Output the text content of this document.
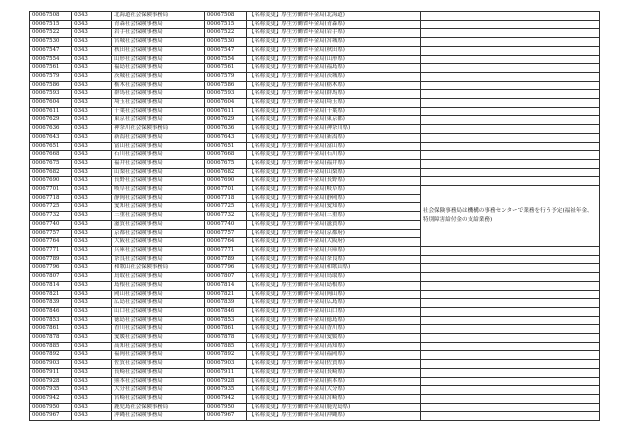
00067508	0343	北海道社会保険事務局	00067508	【名称変更】厚生労働省年金局(北海道)	
00067515	0343	青森社会保険事務局	00067515	【名称変更】厚生労働省年金局(青森県)	
00067522	0343	岩手社会保険事務局	00067522	【名称変更】厚生労働省年金局(岩手県)	
00067530	0343	宮城社会保険事務局	00067530	【名称変更】厚生労働省年金局(宮城県)	
00067547	0343	秋田社会保険事務局	00067547	【名称変更】厚生労働省年金局(秋田県)	
00067554	0343	山形社会保険事務局	00067554	【名称変更】厚生労働省年金局(山形県)	
00067561	0343	福島社会保険事務局	00067561	【名称変更】厚生労働省年金局(福島県)	
00067579	0343	茨城社会保険事務局	00067579	【名称変更】厚生労働省年金局(茨城県)	
00067586	0343	栃木社会保険事務局	00067586	【名称変更】厚生労働省年金局(栃木県)	
00067593	0343	群馬社会保険事務局	00067593	【名称変更】厚生労働省年金局(群馬県)	
00067604	0343	埼玉社会保険事務局	00067604	【名称変更】厚生労働省年金局(埼玉県)	
00067611	0343	千葉社会保険事務局	00067611	【名称変更】厚生労働省年金局(千葉県)	
00067629	0343	東京社会保険事務局	00067629	【名称変更】厚生労働省年金局(東京都)	
00067636	0343	神奈川社会保険事務局	00067636	【名称変更】厚生労働省年金局(神奈川県)	
00067643	0343	新潟社会保険事務局	00067643	【名称変更】厚生労働省年金局(新潟県)	
00067651	0343	富山社会保険事務局	00067651	【名称変更】厚生労働省年金局(富山県)	
00067668	0343	石川社会保険事務局	00067668	【名称変更】厚生労働省年金局(石川県)	
00067675	0343	福井社会保険事務局	00067675	【名称変更】厚生労働省年金局(福井県)	
00067682	0343	山梨社会保険事務局	00067682	【名称変更】厚生労働省年金局(山梨県)	
00067690	0343	長野社会保険事務局	00067690	【名称変更】厚生労働省年金局(長野県)	
00067701	0343	岐阜社会保険事務局	00067701	【名称変更】厚生労働省年金局(岐阜県)	社会保険事務局は機構の事務センターで業務を行う予定(福祉年金、特別障害給付金の支給業務)
00067718	0343	静岡社会保険事務局	00067718	【名称変更】厚生労働省年金局(静岡県)	
00067725	0343	愛知社会保険事務局	00067725	【名称変更】厚生労働省年金局(愛知県)	
00067732	0343	三重社会保険事務局	00067732	【名称変更】厚生労働省年金局(三重県)	
00067740	0343	滋賀社会保険事務局	00067740	【名称変更】厚生労働省年金局(滋賀県)	
00067757	0343	京都社会保険事務局	00067757	【名称変更】厚生労働省年金局(京都府)	
00067764	0343	大阪社会保険事務局	00067764	【名称変更】厚生労働省年金局(大阪府)	
00067771	0343	兵庫社会保険事務局	00067771	【名称変更】厚生労働省年金局(兵庫県)	
00067789	0343	奈良社会保険事務局	00067789	【名称変更】厚生労働省年金局(奈良県)	
00067796	0343	和歌山社会保険事務局	00067796	【名称変更】厚生労働省年金局(和歌山県)	
00067807	0343	鳥取社会保険事務局	00067807	【名称変更】厚生労働省年金局(鳥取県)	
00067814	0343	島根社会保険事務局	00067814	【名称変更】厚生労働省年金局(島根県)	
00067821	0343	岡山社会保険事務局	00067821	【名称変更】厚生労働省年金局(岡山県)	
00067839	0343	広島社会保険事務局	00067839	【名称変更】厚生労働省年金局(広島県)	
00067846	0343	山口社会保険事務局	00067846	【名称変更】厚生労働省年金局(山口県)	
00067853	0343	徳島社会保険事務局	00067853	【名称変更】厚生労働省年金局(徳島県)	
00067861	0343	香川社会保険事務局	00067861	【名称変更】厚生労働省年金局(香川県)	
00067878	0343	愛媛社会保険事務局	00067878	【名称変更】厚生労働省年金局(愛媛県)	
00067885	0343	高知社会保険事務局	00067885	【名称変更】厚生労働省年金局(高知県)	
00067892	0343	福岡社会保険事務局	00067892	【名称変更】厚生労働省年金局(福岡県)	
00067903	0343	佐賀社会保険事務局	00067903	【名称変更】厚生労働省年金局(佐賀県)	
00067911	0343	長崎社会保険事務局	00067911	【名称変更】厚生労働省年金局(長崎県)	
00067928	0343	熊本社会保険事務局	00067928	【名称変更】厚生労働省年金局(熊本県)	
00067935	0343	大分社会保険事務局	00067935	【名称変更】厚生労働省年金局(大分県)	
00067942	0343	宮崎社会保険事務局	00067942	【名称変更】厚生労働省年金局(宮崎県)	
00067950	0343	鹿児島社会保険事務局	00067950	【名称変更】厚生労働省年金局(鹿児島県)	
00067967	0343	沖縄社会保険事務局	00067967	【名称変更】厚生労働省年金局(沖縄県)	
